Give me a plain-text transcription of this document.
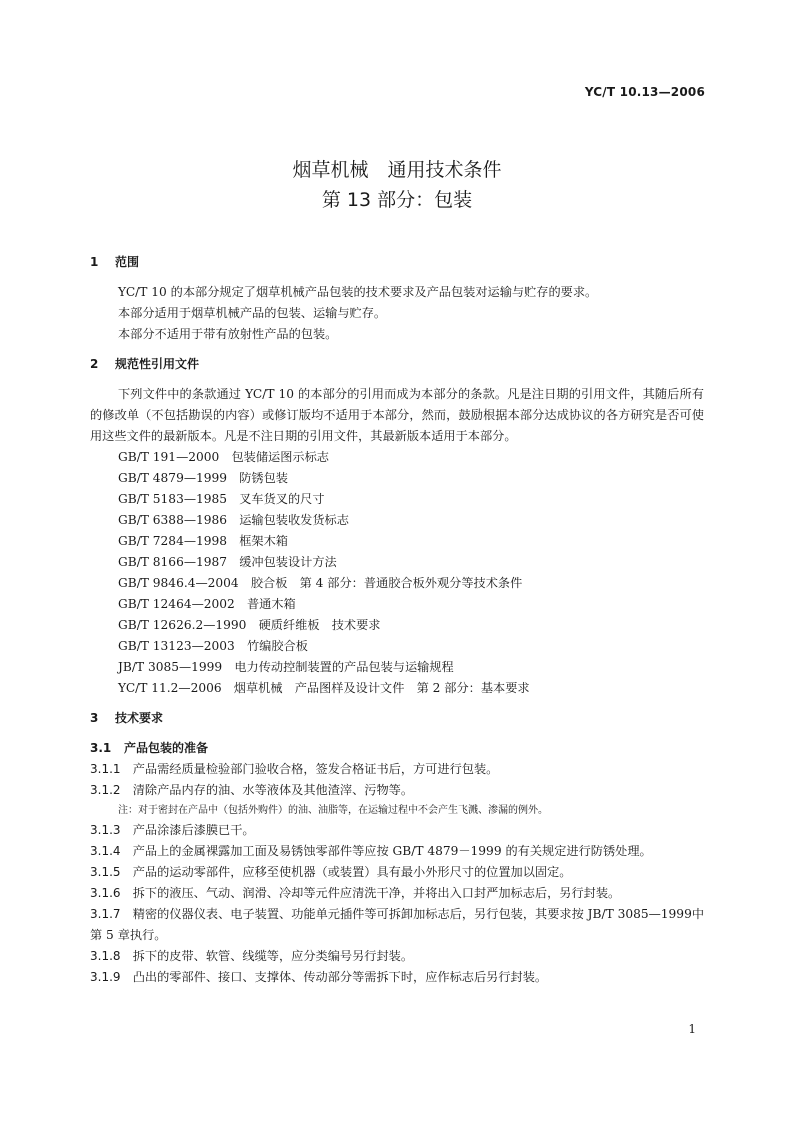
YC/T 10.13—2006
烟草机械　通用技术条件
第 13 部分：包装
1 范围
YC/T 10 的本部分规定了烟草机械产品包装的技术要求及产品包装对运输与贮存的要求。
本部分适用于烟草机械产品的包装、运输与贮存。
本部分不适用于带有放射性产品的包装。
2 规范性引用文件
下列文件中的条款通过 YC/T 10 的本部分的引用而成为本部分的条款。凡是注日期的引用文件，其随后所有的修改单（不包括勘误的内容）或修订版均不适用于本部分，然而，鼓励根据本部分达成协议的各方研究是否可使用这些文件的最新版本。凡是不注日期的引用文件，其最新版本适用于本部分。
GB/T 191—2000　包装储运图示标志
GB/T 4879—1999　防锈包装
GB/T 5183—1985　叉车货叉的尺寸
GB/T 6388—1986　运输包装收发货标志
GB/T 7284—1998　框架木箱
GB/T 8166—1987　缓冲包装设计方法
GB/T 9846.4—2004　胶合板　第 4 部分：普通胶合板外观分等技术条件
GB/T 12464—2002　普通木箱
GB/T 12626.2—1990　硬质纤维板　技术要求
GB/T 13123—2003　竹编胶合板
JB/T 3085—1999　电力传动控制装置的产品包装与运输规程
YC/T 11.2—2006　烟草机械　产品图样及设计文件　第 2 部分：基本要求
3 技术要求
3.1 产品包装的准备
3.1.1　 产品需经质量检验部门验收合格，签发合格证书后，方可进行包装。
3.1.2　 清除产品内存的油、水等液体及其他渣滓、污物等。
注：对于密封在产品中（包括外购件）的油、油脂等，在运输过程中不会产生飞溅、渗漏的例外。
3.1.3　 产品涂漆后漆膜已干。
3.1.4　 产品上的金属裸露加工面及易锈蚀零部件等应按 GB/T 4879－1999 的有关规定进行防锈处理。
3.1.5　 产品的运动零部件，应移至使机器（或装置）具有最小外形尺寸的位置加以固定。
3.1.6　 拆下的液压、气动、润滑、冷却等元件应清洗干净，并将出入口封严加标志后，另行封装。
3.1.7　 精密的仪器仪表、电子装置、功能单元插件等可拆卸加标志后，另行包装，其要求按 JB/T 3085—1999中第 5 章执行。
3.1.8　 拆下的皮带、软管、线缆等，应分类编号另行封装。
3.1.9　 凸出的零部件、接口、支撑体、传动部分等需拆下时，应作标志后另行封装。
1
